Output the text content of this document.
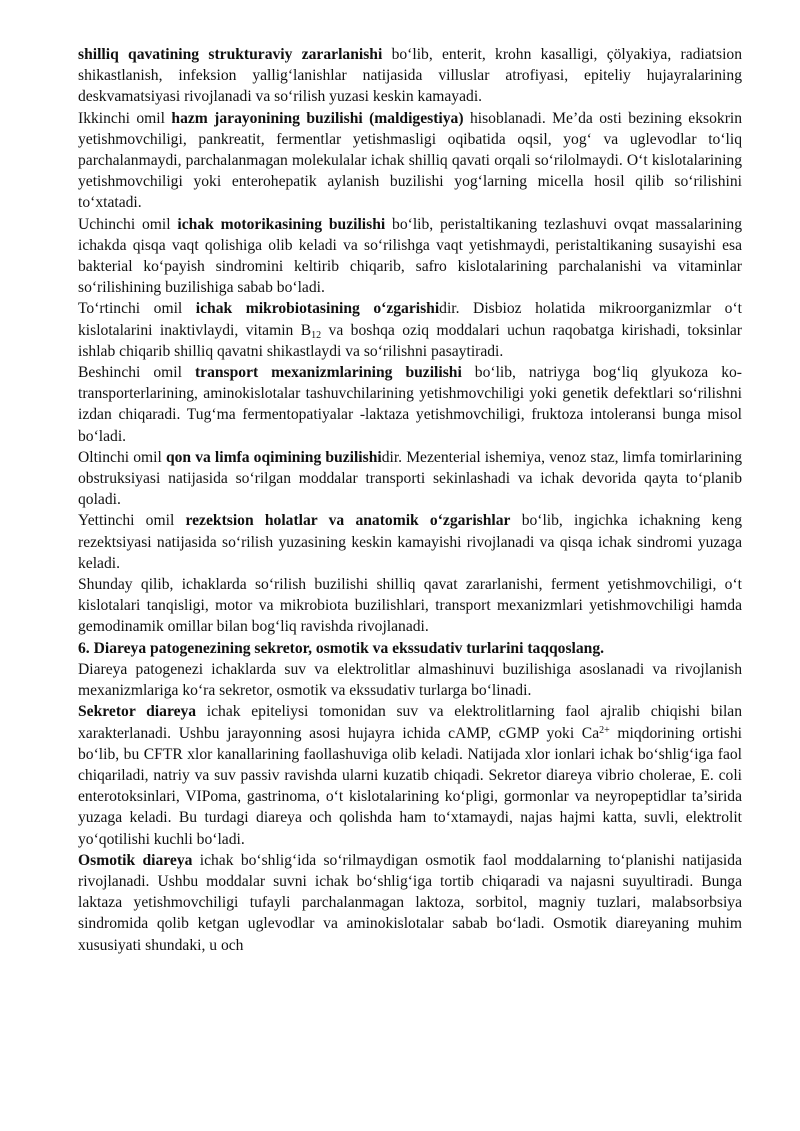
shilliq qavatining strukturaviy zararlanishi bo‘lib, enterit, krohn kasalligi, çölyakiya, radiatsion shikastlanish, infeksion yallig‘lanishlar natijasida villuslar atrofiyasi, epiteliy hujayralarining deskvamatsiyasi rivojlanadi va so‘rilish yuzasi keskin kamayadi.

Ikkinchi omil hazm jarayonining buzilishi (maldigestiya) hisoblanadi. Me’da osti bezining eksokrin yetishmovchiligi, pankreatit, fermentlar yetishmasligi oqibatida oqsil, yog‘ va uglevodlar to‘liq parchalanmaydi, parchalanmagan molekulalar ichak shilliq qavati orqali so‘rilolmaydi. O‘t kislotalarining yetishmovchiligi yoki enterohepatik aylanish buzilishi yog‘larning micella hosil qilib so‘rilishini to‘xtatadi.

Uchinchi omil ichak motorikasining buzilishi bo‘lib, peristaltikaning tezlashuvi ovqat massalarining ichakda qisqa vaqt qolishiga olib keladi va so‘rilishga vaqt yetishmaydi, peristaltikaning susayishi esa bakterial ko‘payish sindromini keltirib chiqarib, safro kislotalarining parchalanishi va vitaminlar so‘rilishining buzilishiga sabab bo‘ladi.

To‘rtinchi omil ichak mikrobiotasining o‘zgarishidir. Disbioz holatida mikroorganizmlar o‘t kislotalarini inaktivlaydi, vitamin $B_{12}$ va boshqa oziq moddalari uchun raqobatga kirishadi, toksinlar ishlab chiqarib shilliq qavatni shikastlaydi va so‘rilishni pasaytiradi.

Beshinchi omil transport mexanizmlarining buzilishi bo‘lib, natriyga bog‘liq glyukoza ko-transporterlarining, aminokislotalar tashuvchilarining yetishmovchiligi yoki genetik defektlari so‘rilishni izdan chiqaradi. Tug‘ma fermentopatiyalar -laktaza yetishmovchiligi, fruktoza intoleransi bunga misol bo‘ladi.

Oltinchi omil qon va limfa oqimining buzilishidir. Mezenterial ishemiya, venoz staz, limfa tomirlarining obstruksiyasi natijasida so‘rilgan moddalar transporti sekinlashadi va ichak devorida qayta to‘planib qoladi.

Yettinchi omil rezektsion holatlar va anatomik o‘zgarishlar bo‘lib, ingichka ichakning keng rezektsiyasi natijasida so‘rilish yuzasining keskin kamayishi rivojlanadi va qisqa ichak sindromi yuzaga keladi.

Shunday qilib, ichaklarda so‘rilish buzilishi shilliq qavat zararlanishi, ferment yetishmovchiligi, o‘t kislotalari tanqisligi, motor va mikrobiota buzilishlari, transport mexanizmlari yetishmovchiligi hamda gemodinamik omillar bilan bog‘liq ravishda rivojlanadi.

6. Diareya patogenezining sekretor, osmotik va ekssudativ turlarini taqqoslang.

Diareya patogenezi ichaklarda suv va elektrolitlar almashinuvi buzilishiga asoslanadi va rivojlanish mexanizmlariga ko‘ra sekretor, osmotik va ekssudativ turlarga bo‘linadi.

Sekretor diareya ichak epiteliysi tomonidan suv va elektrolitlarning faol ajralib chiqishi bilan xarakterlanadi. Ushbu jarayonning asosi hujayra ichida cAMP, cGMP yoki $Ca^{2+}$ miqdorining ortishi bo‘lib, bu CFTR xlor kanallarining faollashuviga olib keladi. Natijada xlor ionlari ichak bo‘shlig‘iga faol chiqariladi, natriy va suv passiv ravishda ularni kuzatib chiqadi. Sekretor diareya vibrio cholerae, E. coli enterotoksinlari, VIPoma, gastrinoma, o‘t kislotalarining ko‘pligi, gormonlar va neyropeptidlar ta’sirida yuzaga keladi. Bu turdagi diareya och qolishda ham to‘xtamaydi, najas hajmi katta, suvli, elektrolit yo‘qotilishi kuchli bo‘ladi.

Osmotik diareya ichak bo‘shlig‘ida so‘rilmaydigan osmotik faol moddalarning to‘planishi natijasida rivojlanadi. Ushbu moddalar suvni ichak bo‘shlig‘iga tortib chiqaradi va najasni suyultiradi. Bunga laktaza yetishmovchiligi tufayli parchalanmagan laktoza, sorbitol, magniy tuzlari, malabsorbsiya sindromida qolib ketgan uglevodlar va aminokislotalar sabab bo‘ladi. Osmotik diareyaning muhim xususiyati shundaki, u och
